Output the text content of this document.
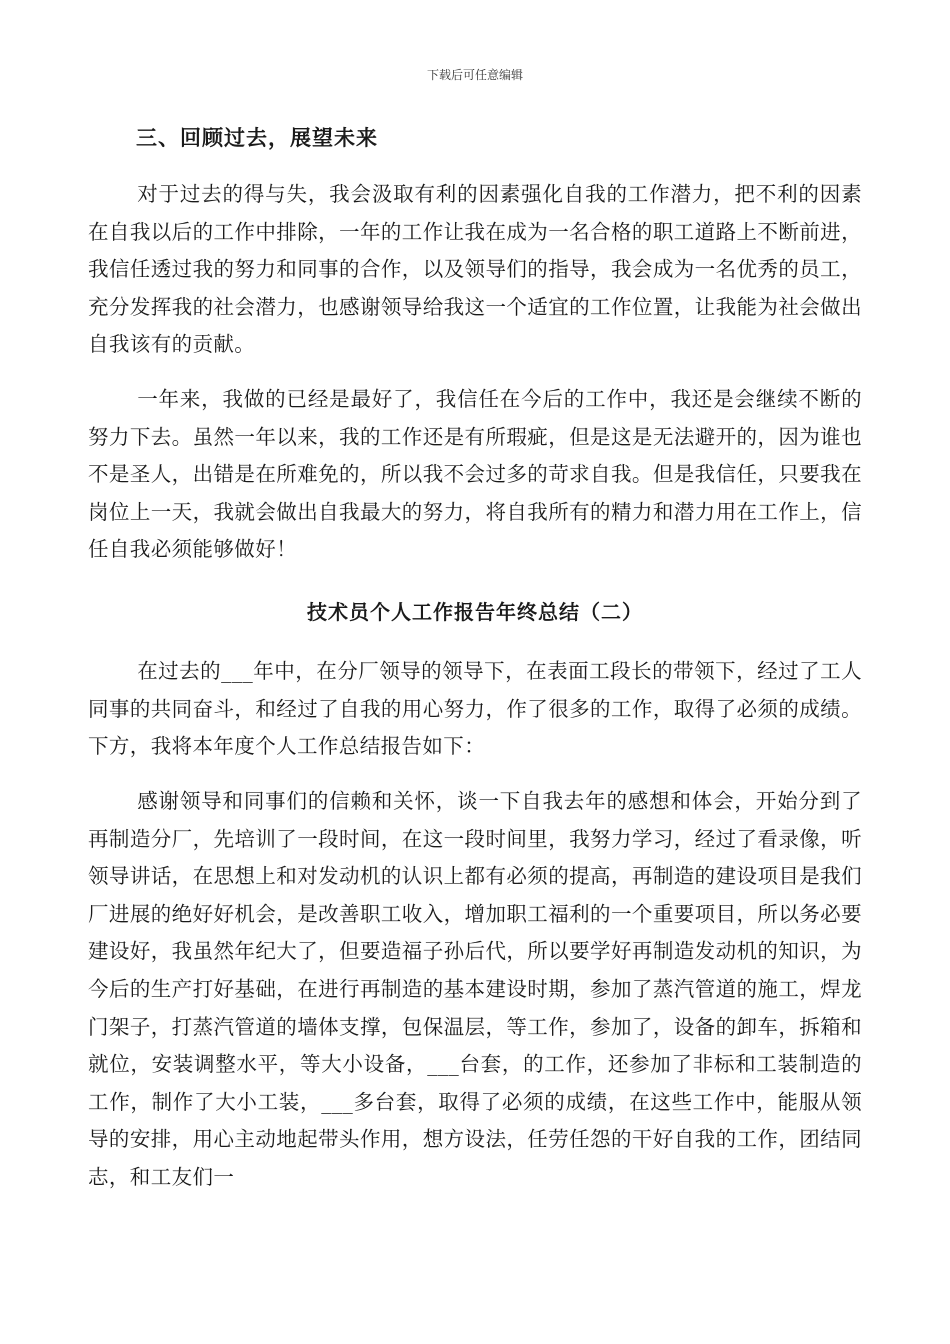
下载后可任意编辑
三、回顾过去，展望未来

对于过去的得与失，我会汲取有利的因素强化自我的工作潜力，把不利的因素在自我以后的工作中排除，一年的工作让我在成为一名合格的职工道路上不断前进，我信任透过我的努力和同事的合作，以及领导们的指导，我会成为一名优秀的员工，充分发挥我的社会潜力，也感谢领导给我这一个适宜的工作位置，让我能为社会做出自我该有的贡献。

一年来，我做的已经是最好了，我信任在今后的工作中，我还是会继续不断的努力下去。虽然一年以来，我的工作还是有所瑕疵，但是这是无法避开的，因为谁也不是圣人，出错是在所难免的，所以我不会过多的苛求自我。但是我信任，只要我在岗位上一天，我就会做出自我最大的努力，将自我所有的精力和潜力用在工作上，信任自我必须能够做好！

技术员个人工作报告年终总结（二）

在过去的___年中，在分厂领导的领导下，在表面工段长的带领下，经过了工人同事的共同奋斗，和经过了自我的用心努力，作了很多的工作，取得了必须的成绩。下方，我将本年度个人工作总结报告如下：

感谢领导和同事们的信赖和关怀，谈一下自我去年的感想和体会，开始分到了再制造分厂，先培训了一段时间，在这一段时间里，我努力学习，经过了看录像，听领导讲话，在思想上和对发动机的认识上都有必须的提高，再制造的建设项目是我们厂进展的绝好好机会，是改善职工收入，增加职工福利的一个重要项目，所以务必要建设好，我虽然年纪大了，但要造福子孙后代，所以要学好再制造发动机的知识，为今后的生产打好基础，在进行再制造的基本建设时期，参加了蒸汽管道的施工，焊龙门架子，打蒸汽管道的墙体支撑，包保温层，等工作，参加了，设备的卸车，拆箱和就位，安装调整水平，等大小设备，___台套，的工作，还参加了非标和工装制造的工作，制作了大小工装，___多台套，取得了必须的成绩，在这些工作中，能服从领导的安排，用心主动地起带头作用，想方设法，任劳任怨的干好自我的工作，团结同志，和工友们一
